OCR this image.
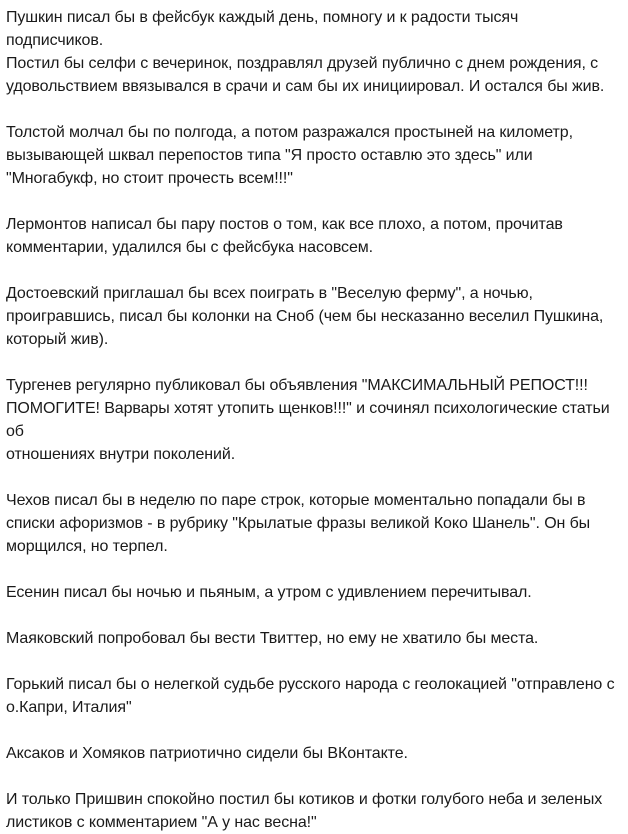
Пушкин писал бы в фейсбук каждый день, помногу и к радости тысяч подписчиков.
Постил бы селфи с вечеринок, поздравлял друзей публично с днем рождения, с
удовольствием ввязывался в срачи и сам бы их инициировал. И остался бы жив.

Толстой молчал бы по полгода, а потом разражался простыней на километр,
вызывающей шквал перепостов типа "Я просто оставлю это здесь" или
"Многабукф, но стоит прочесть всем!!!"

Лермонтов написал бы пару постов о том, как все плохо, а потом, прочитав
комментарии, удалился бы с фейсбука насовсем.

Достоевский приглашал бы всех поиграть в "Веселую ферму", а ночью,
проигравшись, писал бы колонки на Сноб (чем бы несказанно веселил Пушкина,
который жив).

Тургенев регулярно публиковал бы объявления "МАКСИМАЛЬНЫЙ РЕПОСТ!!!
ПОМОГИТЕ! Варвары хотят утопить щенков!!!" и сочинял психологические статьи об
отношениях внутри поколений.

Чехов писал бы в неделю по паре строк, которые моментально попадали бы в
списки афоризмов - в рубрику "Крылатые фразы великой Коко Шанель". Он бы
морщился, но терпел.

Есенин писал бы ночью и пьяным, а утром с удивлением перечитывал.

Маяковский попробовал бы вести Твиттер, но ему не хватило бы места.

Горький писал бы о нелегкой судьбе русского народа с геолокацией "отправлено с
о.Капри, Италия"

Аксаков и Хомяков патриотично сидели бы ВКонтакте.

И только Пришвин спокойно постил бы котиков и фотки голубого неба и зеленых
листиков с комментарием "А у нас весна!"
